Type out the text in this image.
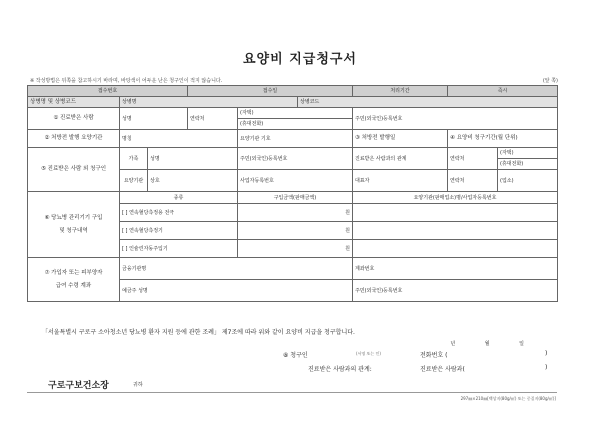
요양비 지급청구서
※ 작성방법은 뒤쪽을 참고하시기 바라며, 바탕색이 어두운 난은 청구인이 적지 않습니다.	(앞 쪽)
접수번호			접수일			처리기간	즉시	
상병명 및 상병코드	상병명				상병코드			
① 진료받은 사람	성명		연락처	(자택)		주민(외국인)등록번호		
				(휴대전화)				
② 처방전 발행 요양기관	명칭			요양기관 기호		③ 처방전 발행일	④ 요양비 청구기간(월 단위)	
⑤ 진료받은 사람 외 청구인	가족	성명		주민(외국인)등록번호		진료받은 사람과의 관계	연락처	(자택)
								(휴대전화)
	요양기관	상호		사업자등록번호		대표자	연락처	(업소)

⑥ 당뇨병 관리기기 구입
및 청구내역	종류			구입금액(판매금액)		요양기관(판매업소)명/사업자등록번호		
	[ ] 연속혈당측정용 전극			원				
	[ ] 연속혈당측정기			원				
	[ ] 인슐린자동주입기			원				

⑦ 가입자 또는 피부양자
급여 수령 계좌	금융기관명					계좌번호		
	예금주 성명					주민(외국인)등록번호		
「서울특별시 구로구 소아청소년 당뇨병 환자 지원 등에 관한 조례」 제7조에 따라 위와 같이 요양비 지급을 청구합니다.
년 월 일
⑧ 청구인	(서명 또는 인)	전화번호 (	)
진료받은 사람과의 관계:	진료받은 사람과(	)
구로구보건소장	귀하
297㎜×210㎜[백상지(80g/㎡) 또는 중질지(80g/㎡)]
